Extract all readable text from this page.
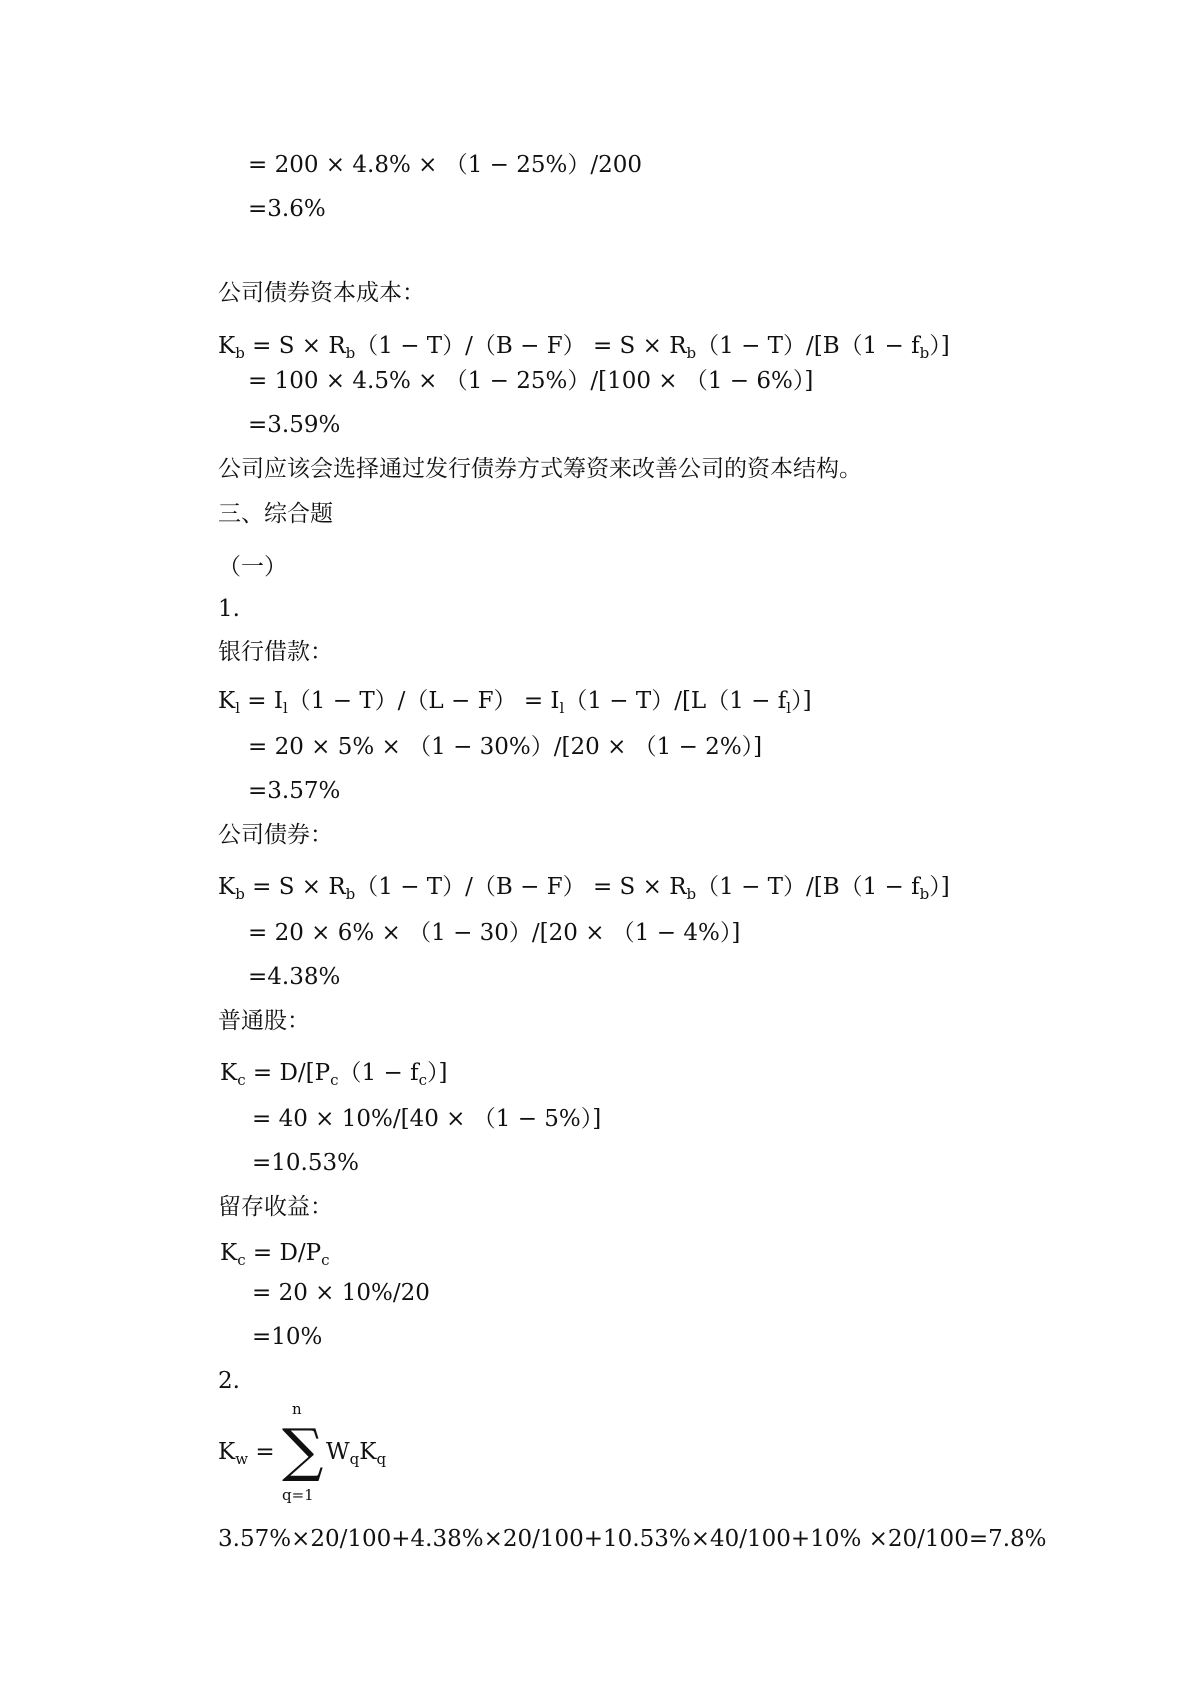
= 200 × 4.8% × （1 − 25%）/200
=3.6%
公司债券资本成本：
$K_b = S \times R_b(1 - T)/(B - F) = S \times R_b(1 - T)/[B(1 - f_b)]$
= 100 × 4.5% × （1 − 25%）/[100 × （1 − 6%）]
=3.59%
公司应该会选择通过发行债券方式筹资来改善公司的资本结构。
三、综合题
（一）
1.
银行借款：
$K_l = I_l(1 - T)/(L - F) = I_l(1 - T)/[L(1 - f_l)]$
= 20 × 5% × （1 − 30%）/[20 × （1 − 2%）]
=3.57%
公司债券：
$K_b = S \times R_b(1 - T)/(B - F) = S \times R_b(1 - T)/[B(1 - f_b)]$
= 20 × 6% × （1 − 30）/[20 × （1 − 4%）]
=4.38%
普通股：
$K_c = D/[P_c(1 - f_c)]$
= 40 × 10%/[40 × （1 − 5%）]
=10.53%
留存收益：
$K_c = D/P_c$
= 20 × 10%/20
=10%
2.
$K_w$ =
n
∑
q=1
$W_qK_q$
3.57%×20/100+4.38%×20/100+10.53%×40/100+10% ×20/100=7.8%
